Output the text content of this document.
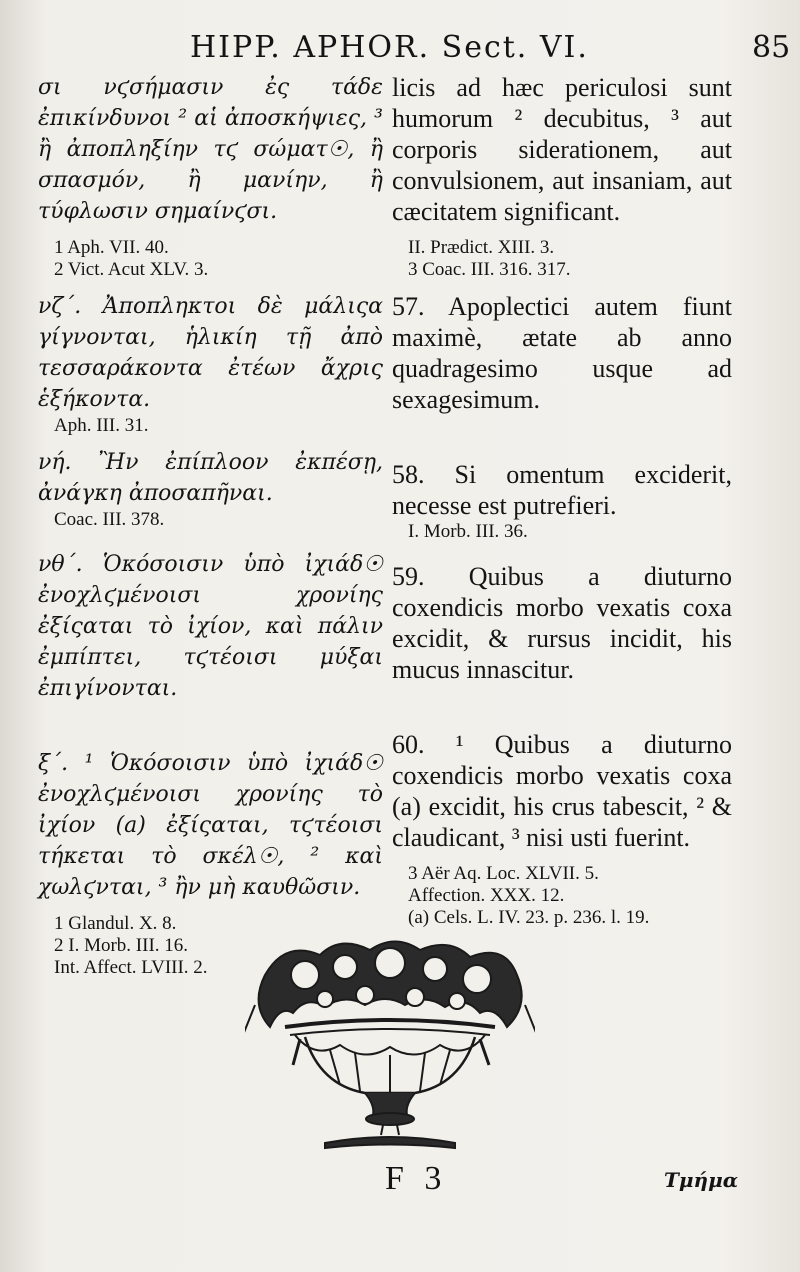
HIPP. APHOR. Sect. VI.	85

σι νϛσήμασιν ἐς τάδε ἐπικίνδυνοι ² αἱ ἀποσκήψιες, ³ ἢ ἀποπληξίην τϛ σώματ☉, ἢ σπασμόν, ἢ μανίην, ἢ τύφλωσιν σημαίνϛσι.

1 Aph. VII. 40.

2 Vict. Acut XLV. 3.

νζ΄. Ἀποπληκτοι δὲ μάλιςα γίγνονται, ἡλικίη τῇ ἀπὸ τεσσαράκοντα ἐτέων ἄχρις ἑξήκοντα.

Aph. III. 31.

νή. Ἢν ἐπίπλοον ἐκπέσῃ, ἀνάγκη ἀποσαπῆναι.

Coac. III. 378.

νθ΄. Ὁκόσοισιν ὑπὸ ἰχιάδ☉ ἐνοχλϛμένοισι χρονίης ἐξίςαται τὸ ἰχίον, καὶ πάλιν ἐμπίπτει, τϛτέοισι μύξαι ἐπιγίνονται.

ξ΄. ¹ Ὁκόσοισιν ὑπὸ ἰχιάδ☉ ἐνοχλϛμένοισι χρονίης τὸ ἰχίον (a) ἐξίςαται, τϛτέοισι τήκεται τὸ σκέλ☉, ² καὶ χωλϛνται, ³ ἢν μὴ καυθῶσιν.

1 Glandul. X. 8.

2 I. Morb. III. 16.

Int. Affect. LVIII. 2.

licis ad hæc periculosi sunt humorum ² decubitus, ³ aut corporis siderationem, aut convulsionem, aut insaniam, aut cæcitatem significant.

II. Prædict. XIII. 3.

3 Coac. III. 316. 317.

57. Apoplectici autem fiunt maximè, ætate ab anno quadragesimo usque ad sexagesimum.

58. Si omentum exciderit, necesse est putrefieri.

I. Morb. III. 36.

59. Quibus a diuturno coxendicis morbo vexatis coxa excidit, & rursus incidit, his mucus innascitur.

60. ¹ Quibus a diuturno coxendicis morbo vexatis coxa (a) excidit, his crus tabescit, ² & claudicant, ³ nisi usti fuerint.

3 Aër Aq. Loc. XLVII. 5.

Affection. XXX. 12.

(a) Cels. L. IV. 23. p. 236. l. 19.

F 3	Τμήμα
